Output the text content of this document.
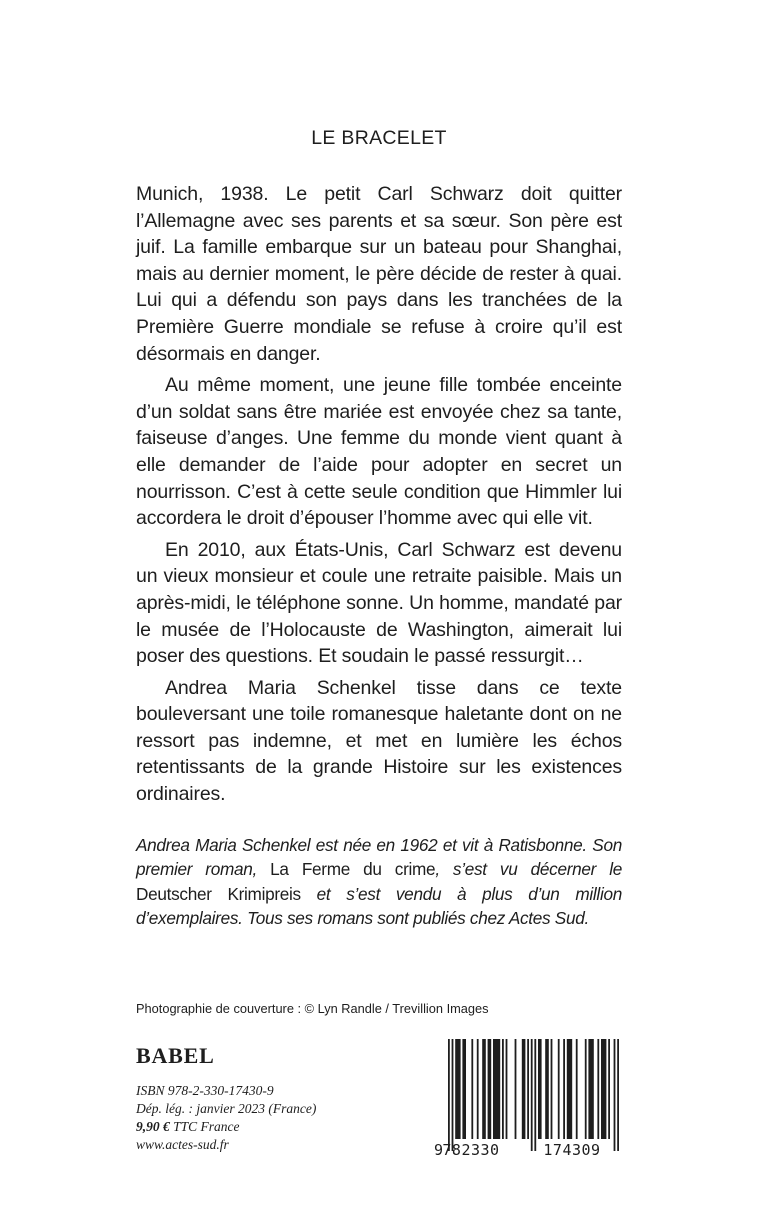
LE BRACELET

Munich, 1938. Le petit Carl Schwarz doit quitter l’Allemagne avec ses parents et sa sœur. Son père est juif. La famille embarque sur un bateau pour Shanghai, mais au dernier moment, le père décide de rester à quai. Lui qui a défendu son pays dans les tranchées de la Première Guerre mondiale se refuse à croire qu’il est désormais en danger.

Au même moment, une jeune fille tombée enceinte d’un soldat sans être mariée est envoyée chez sa tante, faiseuse d’anges. Une femme du monde vient quant à elle demander de l’aide pour adopter en secret un nourrisson. C’est à cette seule condition que Himmler lui accordera le droit d’épouser l’homme avec qui elle vit.

En 2010, aux États-Unis, Carl Schwarz est devenu un vieux monsieur et coule une retraite paisible. Mais un après-midi, le téléphone sonne. Un homme, mandaté par le musée de l’Holocauste de Washington, aimerait lui poser des questions. Et soudain le passé ressurgit…

Andrea Maria Schenkel tisse dans ce texte bouleversant une toile romanesque haletante dont on ne ressort pas indemne, et met en lumière les échos retentissants de la grande Histoire sur les existences ordinaires.

Andrea Maria Schenkel est née en 1962 et vit à Ratisbonne. Son premier roman, La Ferme du crime, s’est vu décerner le Deutscher Krimipreis et s’est vendu à plus d’un million d’exemplaires. Tous ses romans sont publiés chez Actes Sud.
Photographie de couverture : © Lyn Randle / Trevillion Images
BABEL
ISBN 978-2-330-17430-9
Dép. lég. : janvier 2023 (France)
9,90 € TTC France
www.actes-sud.fr	9 782330	174309
